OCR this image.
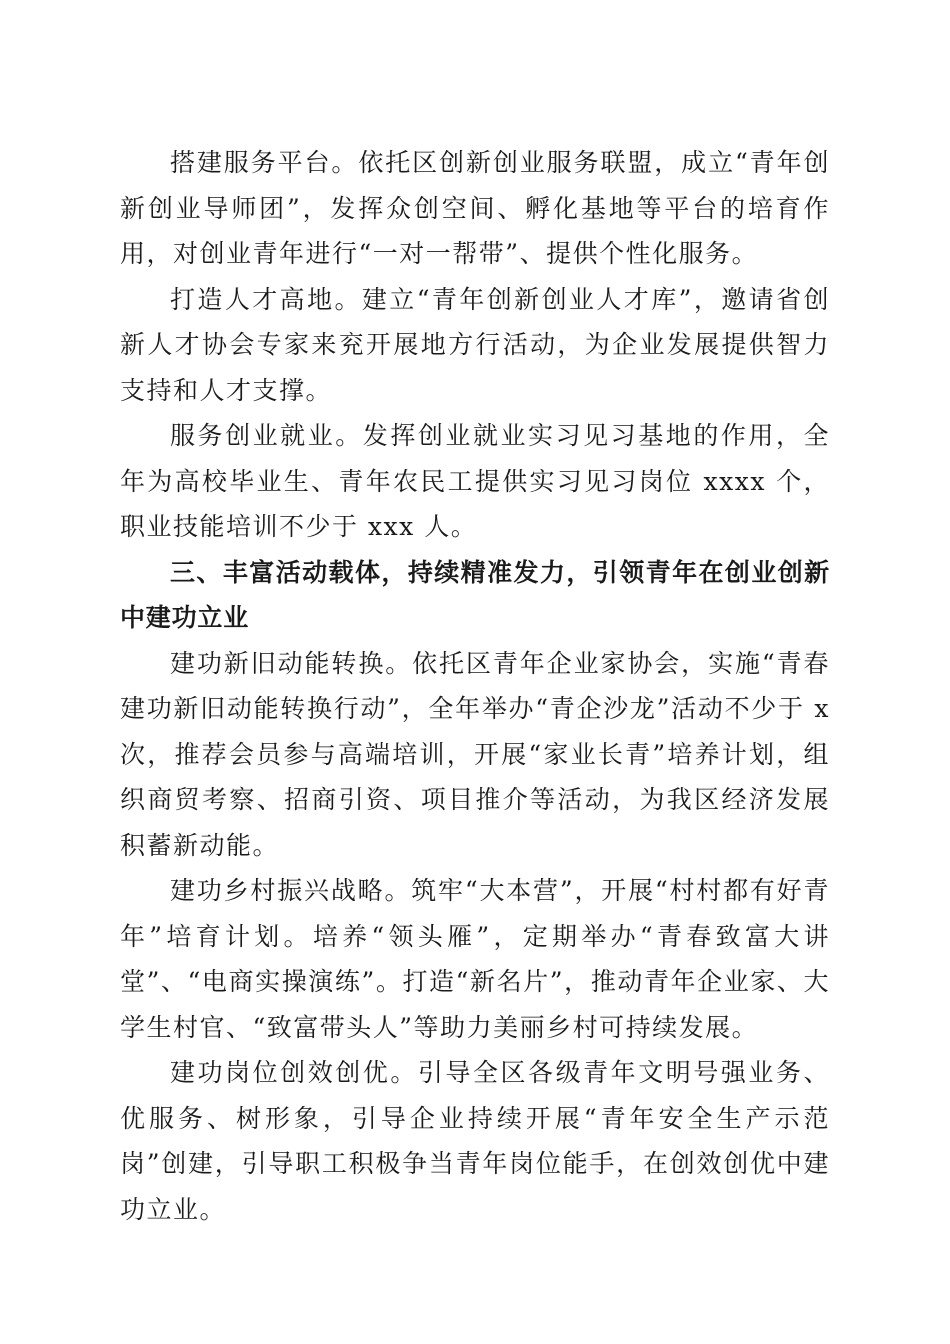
搭建服务平台。依托区创新创业服务联盟，成立“青年创新创业导师团”，发挥众创空间、孵化基地等平台的培育作用，对创业青年进行“一对一帮带”、提供个性化服务。

打造人才高地。建立“青年创新创业人才库”，邀请省创新人才协会专家来兖开展地方行活动，为企业发展提供智力支持和人才支撑。

服务创业就业。发挥创业就业实习见习基地的作用，全年为高校毕业生、青年农民工提供实习见习岗位 xxxx 个，职业技能培训不少于 xxx 人。

三、丰富活动载体，持续精准发力，引领青年在创业创新中建功立业

建功新旧动能转换。依托区青年企业家协会，实施“青春建功新旧动能转换行动”，全年举办“青企沙龙”活动不少于 x 次，推荐会员参与高端培训，开展“家业长青”培养计划，组织商贸考察、招商引资、项目推介等活动，为我区经济发展积蓄新动能。

建功乡村振兴战略。筑牢“大本营”，开展“村村都有好青年”培育计划。培养“领头雁”，定期举办“青春致富大讲堂”、“电商实操演练”。打造“新名片”，推动青年企业家、大学生村官、“致富带头人”等助力美丽乡村可持续发展。

建功岗位创效创优。引导全区各级青年文明号强业务、优服务、树形象，引导企业持续开展“青年安全生产示范岗”创建，引导职工积极争当青年岗位能手，在创效创优中建功立业。
